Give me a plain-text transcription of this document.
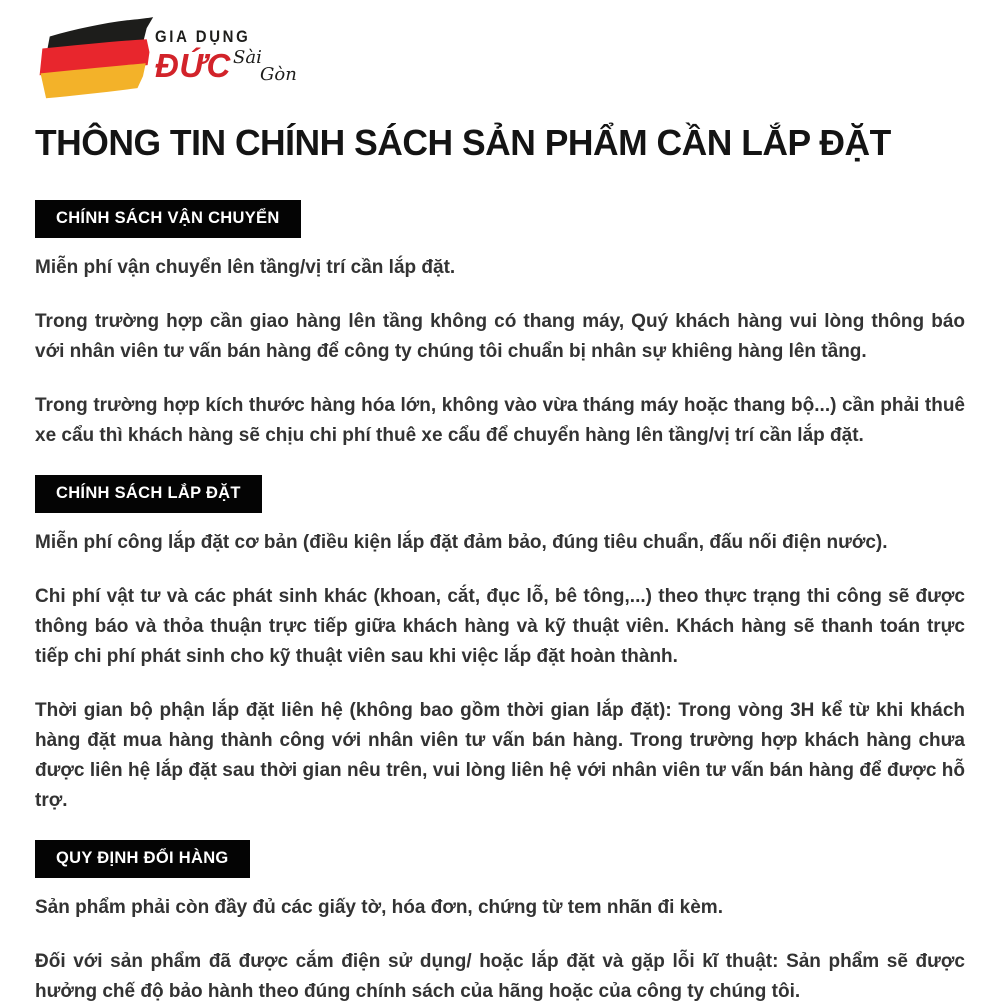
GIA DỤNG
ĐỨC Sài
Gòn
THÔNG TIN CHÍNH SÁCH SẢN PHẨM CẦN LẮP ĐẶT
CHÍNH SÁCH VẬN CHUYỂN

Miễn phí vận chuyển lên tầng/vị trí cần lắp đặt.

Trong trường hợp cần giao hàng lên tầng không có thang máy, Quý khách hàng vui lòng thông báo với nhân viên tư vấn bán hàng để công ty chúng tôi chuẩn bị nhân sự khiêng hàng lên tầng.

Trong trường hợp kích thước hàng hóa lớn, không vào vừa tháng máy hoặc thang bộ...) cần phải thuê xe cẩu thì khách hàng sẽ chịu chi phí thuê xe cẩu để chuyển hàng lên tầng/vị trí cần lắp đặt.

CHÍNH SÁCH LẮP ĐẶT

Miễn phí công lắp đặt cơ bản (điều kiện lắp đặt đảm bảo, đúng tiêu chuẩn, đấu nối điện nước).

Chi phí vật tư và các phát sinh khác (khoan, cắt, đục lỗ, bê tông,...) theo thực trạng thi công sẽ được thông báo và thỏa thuận trực tiếp giữa khách hàng và kỹ thuật viên. Khách hàng sẽ thanh toán trực tiếp chi phí phát sinh cho kỹ thuật viên sau khi việc lắp đặt hoàn thành.

Thời gian bộ phận lắp đặt liên hệ (không bao gồm thời gian lắp đặt): Trong vòng 3H kể từ khi khách hàng đặt mua hàng thành công với nhân viên tư vấn bán hàng. Trong trường hợp khách hàng chưa được liên hệ lắp đặt sau thời gian nêu trên, vui lòng liên hệ với nhân viên tư vấn bán hàng để được hỗ trợ.

QUY ĐỊNH ĐỔI HÀNG

Sản phẩm phải còn đầy đủ các giấy tờ, hóa đơn, chứng từ tem nhãn đi kèm.

Đối với sản phẩm đã được cắm điện sử dụng/ hoặc lắp đặt và gặp lỗi kĩ thuật: Sản phẩm sẽ được hưởng chế độ bảo hành theo đúng chính sách của hãng hoặc của công ty chúng tôi.
